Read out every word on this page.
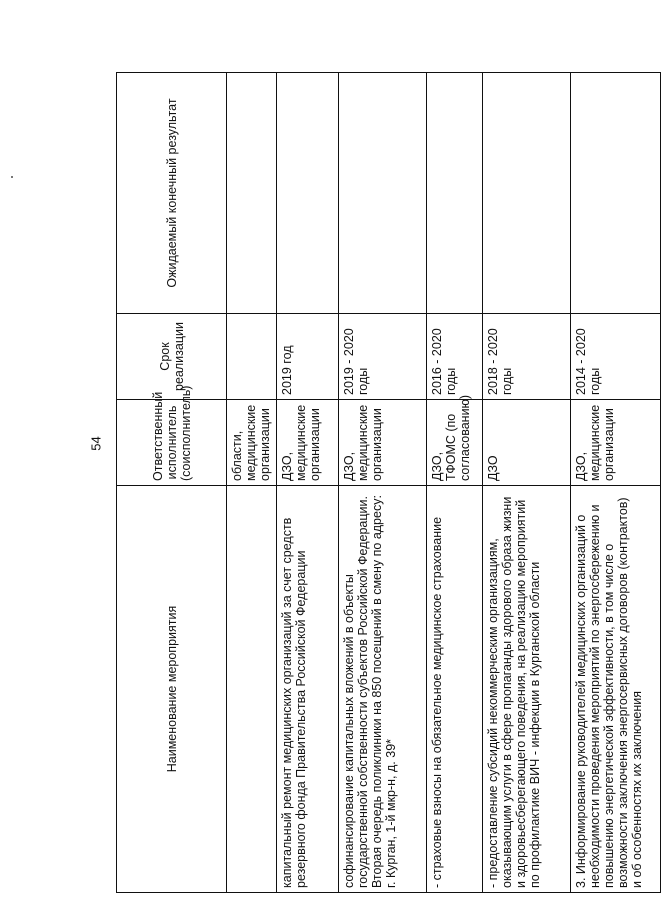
54
Наименование мероприятия	Ответственный исполнитель (соисполнитель)	Срок реализации	Ожидаемый конечный результат
	области, медицинские организации		
капитальный ремонт медицинских организаций за счет средств резервного фонда Правительства Российской Федерации	ДЗО, медицинские организации	2019 год	
софинансирование капитальных вложений в объекты государственной собственности субъектов Российской Федерации. Вторая очередь поликлиники на 850 посещений в смену по адресу: г. Курган, 1-й мкр-н, д. 39*	ДЗО, медицинские организации	2019 - 2020 годы	
- страховые взносы на обязательное медицинское страхование	ДЗО, ТФОМС (по согласованию)	2016 - 2020 годы	
- предоставление субсидий некоммерческим организациям, оказывающим услуги в сфере пропаганды здорового образа жизни и здоровьесберегающего поведения, на реализацию мероприятий по профилактике ВИЧ - инфекции в Курганской области	ДЗО	2018 - 2020 годы	
3. Информирование руководителей медицинских организаций о необходимости проведения мероприятий по энергосбережению и повышению энергетической эффективности, в том числе о возможности заключения энергосервисных договоров (контрактов) и об особенностях их заключения	ДЗО, медицинские организации	2014 - 2020 годы	
